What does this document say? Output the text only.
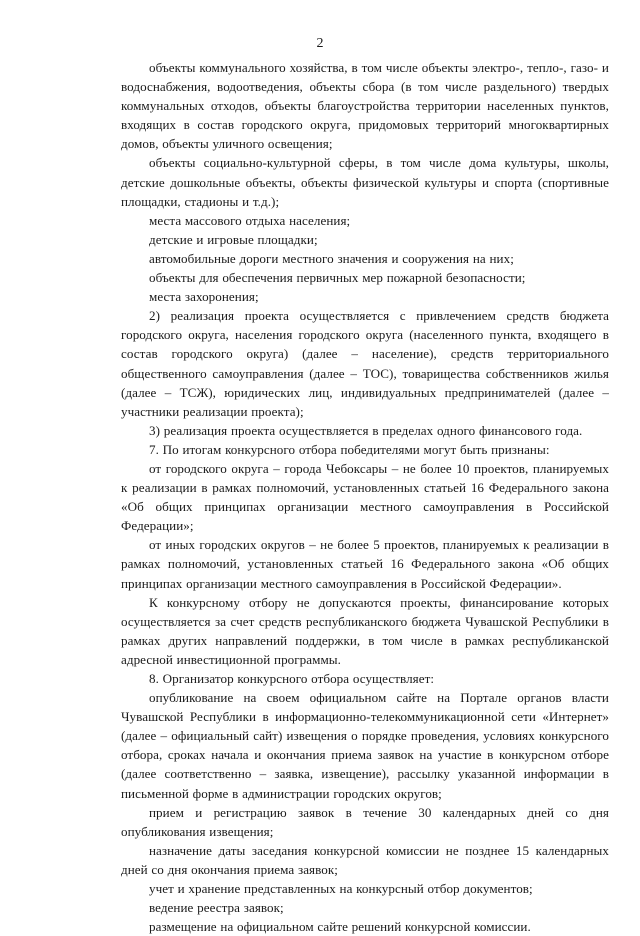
2

объекты коммунального хозяйства, в том числе объекты электро-, тепло-, газо- и водоснабжения, водоотведения, объекты сбора (в том числе раздельного) твердых коммунальных отходов, объекты благоустройства территории населенных пунктов, входящих в состав городского округа, придомовых территорий многоквартирных домов, объекты уличного освещения;

объекты социально-культурной сферы, в том числе дома культуры, школы, детские дошкольные объекты, объекты физической культуры и спорта (спортивные площадки, стадионы и т.д.);

места массового отдыха населения;

детские и игровые площадки;

автомобильные дороги местного значения и сооружения на них;

объекты для обеспечения первичных мер пожарной безопасности;

места захоронения;

2) реализация проекта осуществляется с привлечением средств бюджета городского округа, населения городского округа (населенного пункта, входящего в состав городского округа) (далее – население), средств территориального общественного самоуправления (далее – ТОС), товарищества собственников жилья (далее – ТСЖ), юридических лиц, индивидуальных предпринимателей (далее – участники реализации проекта);

3) реализация проекта осуществляется в пределах одного финансового года.

7. По итогам конкурсного отбора победителями могут быть признаны:

от городского округа – города Чебоксары – не более 10 проектов, планируемых к реализации в рамках полномочий, установленных статьей 16 Федерального закона «Об общих принципах организации местного самоуправления в Российской Федерации»;

от иных городских округов – не более 5 проектов, планируемых к реализации в рамках полномочий, установленных статьей 16 Федерального закона «Об общих принципах организации местного самоуправления в Российской Федерации».

К конкурсному отбору не допускаются проекты, финансирование которых осуществляется за счет средств республиканского бюджета Чувашской Республики в рамках других направлений поддержки, в том числе в рамках республиканской адресной инвестиционной программы.

8. Организатор конкурсного отбора осуществляет:

опубликование на своем официальном сайте на Портале органов власти Чувашской Республики в информационно-телекоммуникационной сети «Интернет» (далее – официальный сайт) извещения о порядке проведения, условиях конкурсного отбора, сроках начала и окончания приема заявок на участие в конкурсном отборе (далее соответственно – заявка, извещение), рассылку указанной информации в письменной форме в администрации городских округов;

прием и регистрацию заявок в течение 30 календарных дней со дня опубликования извещения;

назначение даты заседания конкурсной комиссии не позднее 15 календарных дней со дня окончания приема заявок;

учет и хранение представленных на конкурсный отбор документов;

ведение реестра заявок;

размещение на официальном сайте решений конкурсной комиссии.
